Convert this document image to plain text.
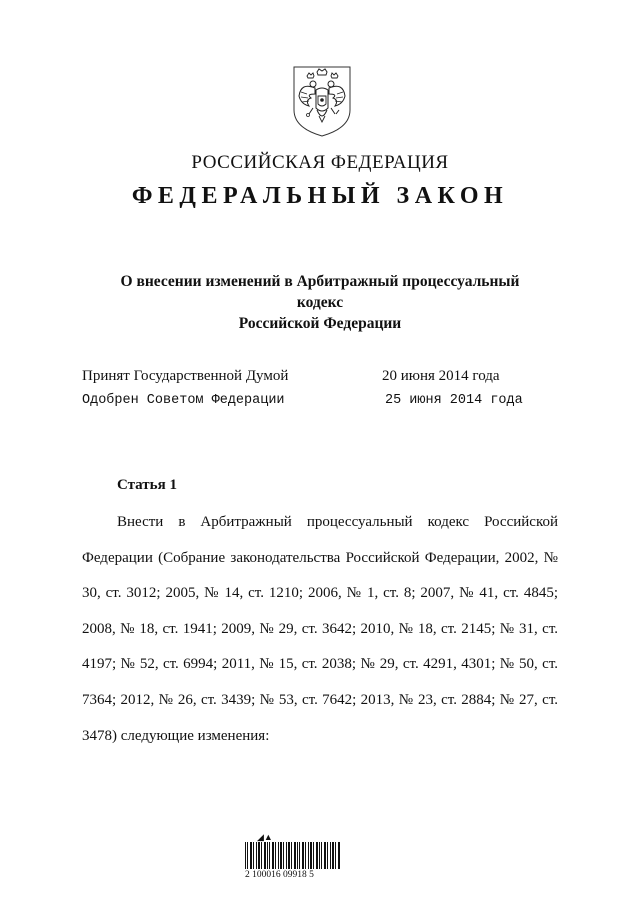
РОССИЙСКАЯ ФЕДЕРАЦИЯ
ФЕДЕРАЛЬНЫЙ ЗАКОН
О внесении изменений в Арбитражный процессуальный кодекс
Российской Федерации
Принят Государственной Думой	20 июня 2014 года
Одобрен Советом Федерации	25 июня 2014 года
Статья 1
Внести в Арбитражный процессуальный кодекс Российской Федерации (Собрание законодательства Российской Федерации, 2002, № 30, ст. 3012; 2005, № 14, ст. 1210; 2006, № 1, ст. 8; 2007, № 41, ст. 4845; 2008, № 18, ст. 1941; 2009, № 29, ст. 3642; 2010, № 18, ст. 2145; № 31, ст. 4197; № 52, ст. 6994; 2011, № 15, ст. 2038; № 29, ст. 4291, 4301; № 50, ст. 7364; 2012, № 26, ст. 3439; № 53, ст. 7642; 2013, № 23, ст. 2884; № 27, ст. 3478) следующие изменения:
◢▲
2 100016 09918 5
